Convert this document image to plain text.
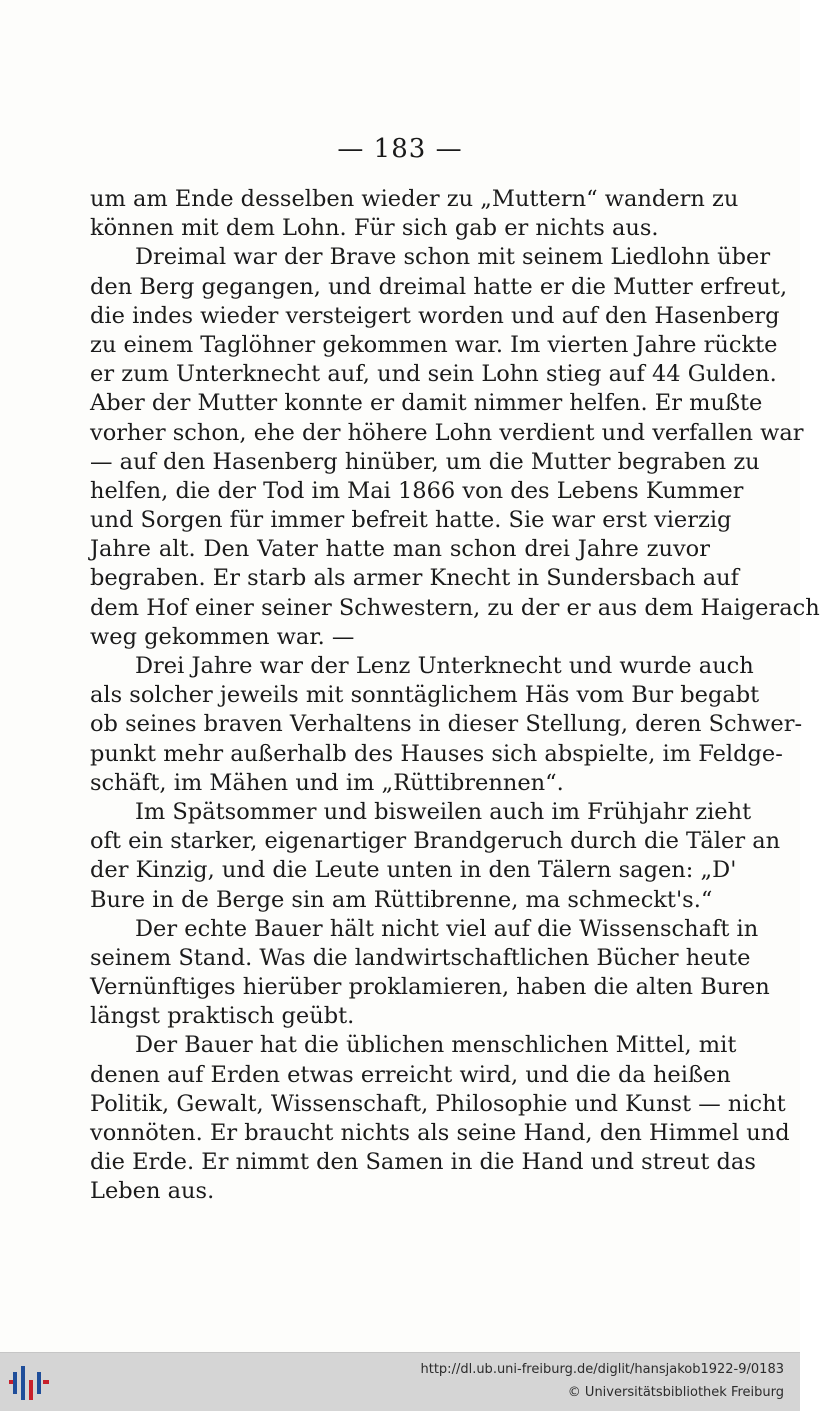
— 183 —
um am Ende desselben wieder zu „Muttern“ wandern zu
können mit dem Lohn. Für sich gab er nichts aus.
Dreimal war der Brave schon mit seinem Liedlohn über
den Berg gegangen, und dreimal hatte er die Mutter erfreut,
die indes wieder versteigert worden und auf den Hasenberg
zu einem Taglöhner gekommen war. Im vierten Jahre rückte
er zum Unterknecht auf, und sein Lohn stieg auf 44 Gulden.
Aber der Mutter konnte er damit nimmer helfen. Er mußte
vorher schon, ehe der höhere Lohn verdient und verfallen war
— auf den Hasenberg hinüber, um die Mutter begraben zu
helfen, die der Tod im Mai 1866 von des Lebens Kummer
und Sorgen für immer befreit hatte. Sie war erst vierzig
Jahre alt. Den Vater hatte man schon drei Jahre zuvor
begraben. Er starb als armer Knecht in Sundersbach auf
dem Hof einer seiner Schwestern, zu der er aus dem Haigerach
weg gekommen war. —
Drei Jahre war der Lenz Unterknecht und wurde auch
als solcher jeweils mit sonntäglichem Häs vom Bur begabt
ob seines braven Verhaltens in dieser Stellung, deren Schwer-
punkt mehr außerhalb des Hauses sich abspielte, im Feldge-
schäft, im Mähen und im „Rüttibrennen“.
Im Spätsommer und bisweilen auch im Frühjahr zieht
oft ein starker, eigenartiger Brandgeruch durch die Täler an
der Kinzig, und die Leute unten in den Tälern sagen: „D'
Bure in de Berge sin am Rüttibrenne, ma schmeckt's.“
Der echte Bauer hält nicht viel auf die Wissenschaft in
seinem Stand. Was die landwirtschaftlichen Bücher heute
Vernünftiges hierüber proklamieren, haben die alten Buren
längst praktisch geübt.
Der Bauer hat die üblichen menschlichen Mittel, mit
denen auf Erden etwas erreicht wird, und die da heißen
Politik, Gewalt, Wissenschaft, Philosophie und Kunst — nicht
vonnöten. Er braucht nichts als seine Hand, den Himmel und
die Erde. Er nimmt den Samen in die Hand und streut das
Leben aus.
http://dl.ub.uni-freiburg.de/diglit/hansjakob1922-9/0183
© Universitätsbibliothek Freiburg
